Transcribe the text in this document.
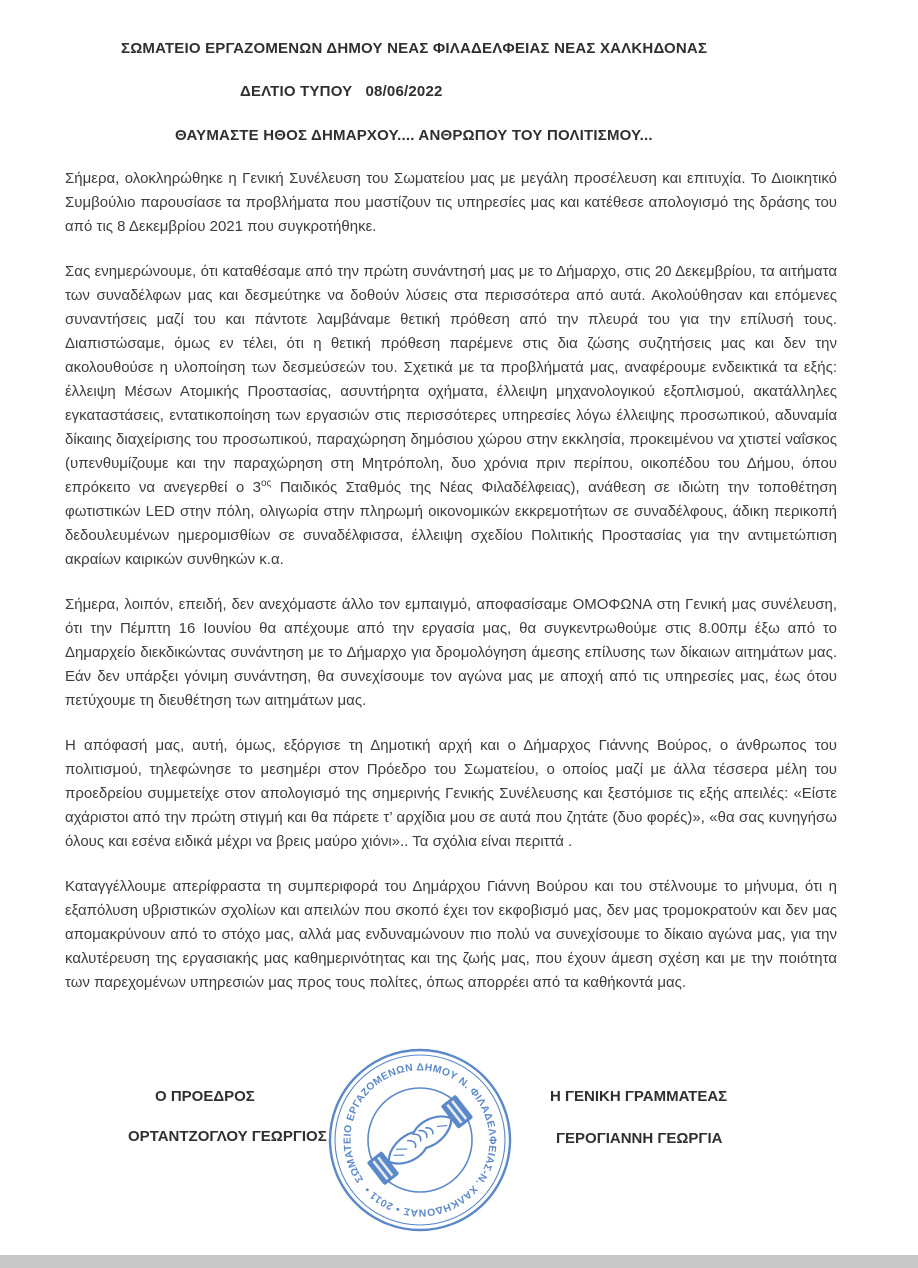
ΣΩΜΑΤΕΙΟ ΕΡΓΑΖΟΜΕΝΩΝ ΔΗΜΟΥ ΝΕΑΣ ΦΙΛΑΔΕΛΦΕΙΑΣ ΝΕΑΣ ΧΑΛΚΗΔΟΝΑΣ
ΔΕΛΤΙΟ ΤΥΠΟΥ   08/06/2022
ΘΑΥΜΑΣΤΕ ΗΘΟΣ ΔΗΜΑΡΧΟΥ.... ΑΝΘΡΩΠΟΥ ΤΟΥ ΠΟΛΙΤΙΣΜΟΥ...

Σήμερα, ολοκληρώθηκε η Γενική Συνέλευση του Σωματείου μας με μεγάλη προσέλευση και επιτυχία. Το Διοικητικό Συμβούλιο παρουσίασε τα προβλήματα που μαστίζουν τις υπηρεσίες μας και κατέθεσε απολογισμό της δράσης του από τις 8 Δεκεμβρίου 2021 που συγκροτήθηκε.

Σας ενημερώνουμε, ότι καταθέσαμε από την πρώτη συνάντησή μας με το Δήμαρχο, στις 20 Δεκεμβρίου, τα αιτήματα των συναδέλφων μας και δεσμεύτηκε να δοθούν λύσεις στα περισσότερα από αυτά. Ακολούθησαν και επόμενες συναντήσεις μαζί του και πάντοτε λαμβάναμε θετική πρόθεση από την πλευρά του για την επίλυσή τους. Διαπιστώσαμε, όμως εν τέλει, ότι η θετική πρόθεση παρέμενε στις δια ζώσης συζητήσεις μας και δεν την ακολουθούσε η υλοποίηση των δεσμεύσεών του. Σχετικά με τα προβλήματά μας, αναφέρουμε ενδεικτικά τα εξής: έλλειψη Μέσων Ατομικής Προστασίας, ασυντήρητα οχήματα, έλλειψη μηχανολογικού εξοπλισμού, ακατάλληλες εγκαταστάσεις, εντατικοποίηση των εργασιών στις περισσότερες υπηρεσίες λόγω έλλειψης προσωπικού, αδυναμία δίκαιης διαχείρισης του προσωπικού, παραχώρηση δημόσιου χώρου στην εκκλησία, προκειμένου να χτιστεί ναΐσκος (υπενθυμίζουμε και την παραχώρηση στη Μητρόπολη, δυο χρόνια πριν περίπου, οικοπέδου του Δήμου, όπου επρόκειτο να ανεγερθεί ο $3^{o\varsigma}$ Παιδικός Σταθμός της Νέας Φιλαδέλφειας), ανάθεση σε ιδιώτη την τοποθέτηση φωτιστικών LED στην πόλη, ολιγωρία στην πληρωμή οικονομικών εκκρεμοτήτων σε συναδέλφους, άδικη περικοπή δεδουλευμένων ημερομισθίων σε συναδέλφισσα, έλλειψη σχεδίου Πολιτικής Προστασίας για την αντιμετώπιση ακραίων καιρικών συνθηκών κ.α.

Σήμερα, λοιπόν, επειδή, δεν ανεχόμαστε άλλο τον εμπαιγμό, αποφασίσαμε ΟΜΟΦΩΝΑ στη Γενική μας συνέλευση, ότι την Πέμπτη 16 Ιουνίου θα απέχουμε από την εργασία μας, θα συγκεντρωθούμε στις 8.00πμ έξω από το Δημαρχείο διεκδικώντας συνάντηση με το Δήμαρχο για δρομολόγηση άμεσης επίλυσης των δίκαιων αιτημάτων μας. Εάν δεν υπάρξει γόνιμη συνάντηση, θα συνεχίσουμε τον αγώνα μας με αποχή από τις υπηρεσίες μας, έως ότου πετύχουμε τη διευθέτηση των αιτημάτων μας.

Η απόφασή μας, αυτή, όμως, εξόργισε τη Δημοτική αρχή και ο Δήμαρχος Γιάννης Βούρος, ο άνθρωπος του πολιτισμού, τηλεφώνησε το μεσημέρι στον Πρόεδρο του Σωματείου, ο οποίος μαζί με άλλα τέσσερα μέλη του προεδρείου συμμετείχε στον απολογισμό της σημερινής Γενικής Συνέλευσης και ξεστόμισε τις εξής απειλές: «Είστε αχάριστοι από την πρώτη στιγμή και θα πάρετε τ’ αρχίδια μου σε αυτά που ζητάτε (δυο φορές)», «θα σας κυνηγήσω όλους και εσένα ειδικά μέχρι να βρεις μαύρο χιόνι».. Τα σχόλια είναι περιττά .

Καταγγέλλουμε απερίφραστα τη συμπεριφορά του Δημάρχου Γιάννη Βούρου και του στέλνουμε το μήνυμα, ότι η εξαπόλυση υβριστικών σχολίων και απειλών που σκοπό έχει τον εκφοβισμό μας, δεν μας τρομοκρατούν και δεν μας απομακρύνουν από το στόχο μας, αλλά μας ενδυναμώνουν πιο πολύ να συνεχίσουμε το δίκαιο αγώνα μας, για την καλυτέρευση της εργασιακής μας καθημερινότητας και της ζωής μας, που έχουν άμεση σχέση και με την ποιότητα των παρεχομένων υπηρεσιών μας προς τους πολίτες, όπως απορρέει από τα καθήκοντά μας.

Ο ΠΡΟΕΔΡΟΣ
ΟΡΤΑΝΤΖΟΓΛΟΥ ΓΕΩΡΓΙΟΣ
Η ΓΕΝΙΚΗ ΓΡΑΜΜΑΤΕΑΣ
ΓΕΡΟΓΙΑΝΝΗ ΓΕΩΡΓΙΑ
ΣΩΜΑΤΕΙΟ ΕΡΓΑΖΟΜΕΝΩΝ ΔΗΜΟΥ Ν. ΦΙΛΑΔΕΛΦΕΙΑΣ-Ν. ΧΑΛΚΗΔΟΝΑΣ • 2011 •
